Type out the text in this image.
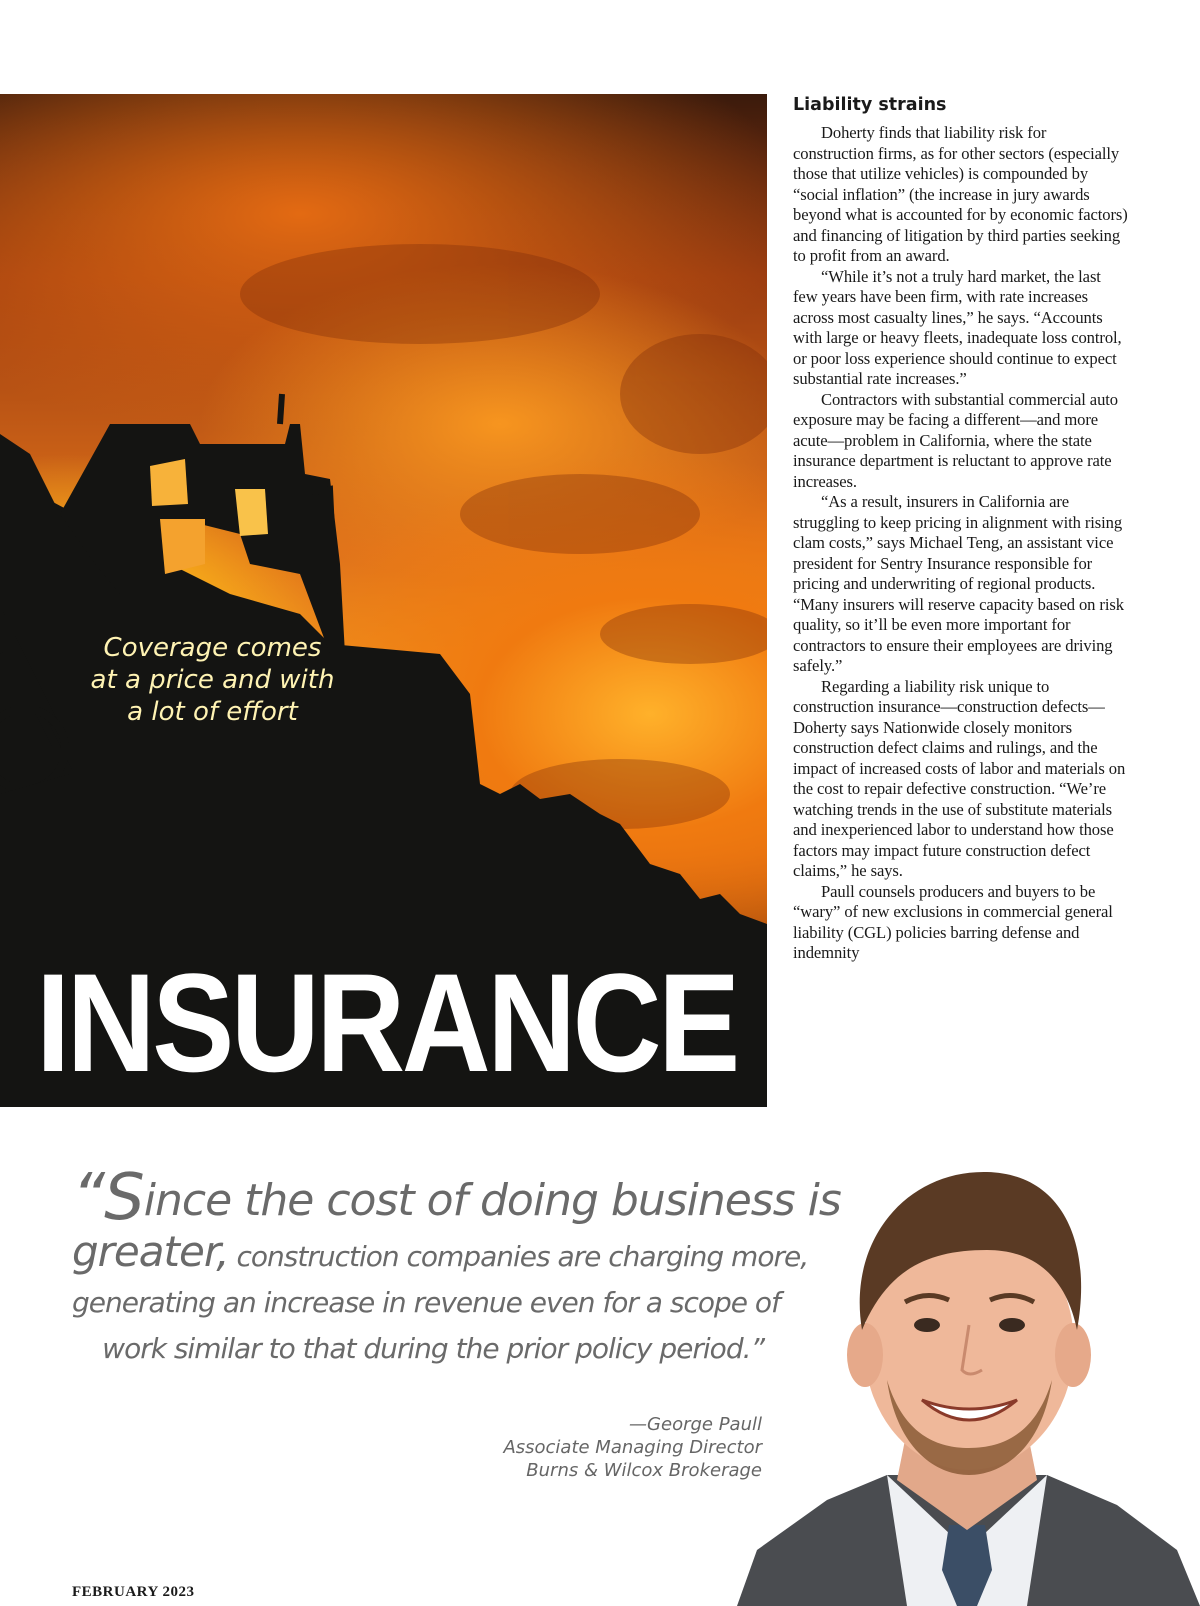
Coverage comes at a price and with a lot of effort
INSURANCE
Liability strains

Doherty finds that liability risk for construction firms, as for other sectors (especially those that utilize vehicles) is compounded by “social inflation” (the increase in jury awards beyond what is accounted for by economic factors) and financing of litigation by third parties seeking to profit from an award.

“While it’s not a truly hard market, the last few years have been firm, with rate increases across most casualty lines,” he says. “Accounts with large or heavy fleets, inadequate loss control, or poor loss experience should continue to expect substantial rate increases.”

Contractors with substantial commercial auto exposure may be facing a different—and more acute—problem in California, where the state insurance department is reluctant to approve rate increases.

“As a result, insurers in California are struggling to keep pricing in alignment with rising clam costs,” says Michael Teng, an assistant vice president for Sentry Insurance responsible for pricing and underwriting of regional products. “Many insurers will reserve capacity based on risk quality, so it’ll be even more important for contractors to ensure their employees are driving safely.”

Regarding a liability risk unique to construction insurance—construction defects—Doherty says Nationwide closely monitors construction defect claims and rulings, and the impact of increased costs of labor and materials on the cost to repair defective construction. “We’re watching trends in the use of substitute materials and inexperienced labor to understand how those factors may impact future construction defect claims,” he says.

Paull counsels producers and buyers to be “wary” of new exclusions in commercial general liability (CGL) policies barring defense and indemnity

“Since the cost of doing business is
greater, construction companies are charging more,
generating an increase in revenue even for a scope of
work similar to that during the prior policy period.”
—George Paull
Associate Managing Director
Burns & Wilcox Brokerage
FEBRUARY 2023
